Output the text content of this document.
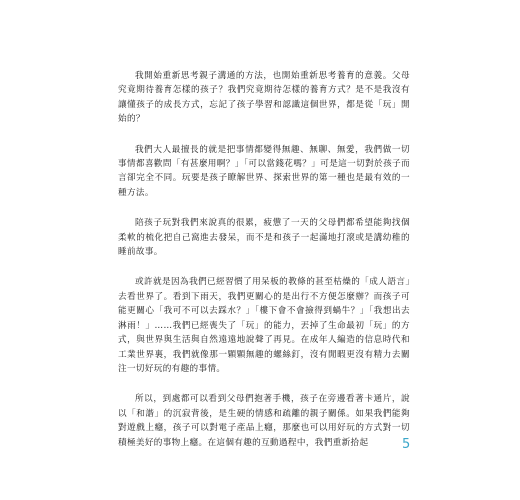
我開始重新思考親子溝通的方法，也開始重新思考養育的意義。父母究竟期待養育怎樣的孩子？我們究竟期待怎樣的養育方式？是不是我沒有讓懂孩子的成長方式，忘記了孩子學習和認識這個世界，都是從「玩」開始的？

我們大人最擅長的就是把事情都變得無趣、無聊、無愛，我們做一切事情都喜歡問「有甚麼用啊？」「可以當錢花嗎？」可是這一切對於孩子而言卻完全不同。玩要是孩子瞭解世界、探索世界的第一種也是最有效的一種方法。

陪孩子玩對我們來說真的很累，疲憊了一天的父母們都希望能夠找個柔軟的梳化把自己窩進去發呆，而不是和孩子一起滿地打滾或是講幼稚的睡前故事。

或許就是因為我們已經習慣了用呆板的教條的甚至枯燥的「成人語言」去看世界了。看到下雨天，我們更關心的是出行不方便怎麼辦？而孩子可能更關心「我可不可以去踩水？」「樓下會不會撿得到蝸牛？」「我想出去淋雨！」……我們已經喪失了「玩」的能力，丟掉了生命最初「玩」的方式，與世界與生活與自然遠遠地說聲了再見。在成年人編造的信息時代和工業世界裏，我們就像那一顆顆無趣的螺絲釘，沒有閒暇更沒有精力去關注一切好玩的有趣的事情。

所以，到處都可以看到父母們抱著手機，孩子在旁邊看著卡通片，說以「和諧」的沉寂背後，是生硬的情感和疏離的親子關係。如果我們能夠對遊戲上癮，孩子可以對電子產品上癮，那麼也可以用好玩的方式對一切積極美好的事物上癮。在這個有趣的互動過程中，我們重新拾起	5
